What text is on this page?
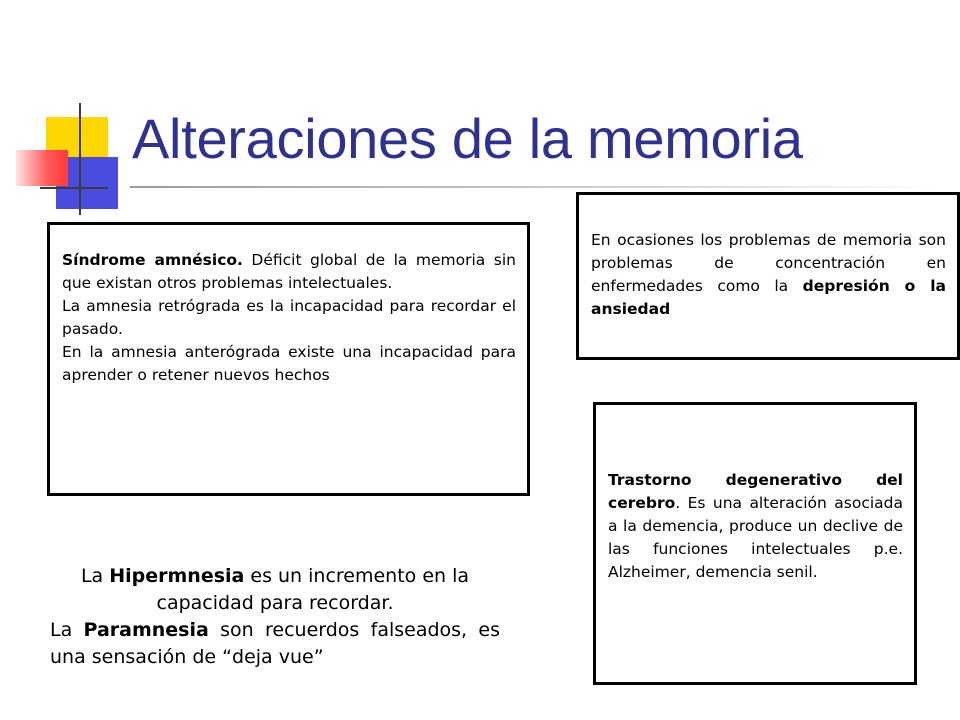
Alteraciones de la memoria

Síndrome amnésico. Déficit global de la memoria sin que existan otros problemas intelectuales.

La amnesia retrógrada es la incapacidad para recordar el pasado.

En la amnesia anterógrada existe una incapacidad para aprender o retener nuevos hechos

En ocasiones los problemas de memoria son problemas de concentración en enfermedades como la depresión o la ansiedad

Trastorno degenerativo del cerebro. Es una alteración asociada a la demencia, produce un declive de las funciones intelectuales p.e. Alzheimer, demencia senil.

La Hipermnesia es un incremento en la capacidad para recordar.

La Paramnesia son recuerdos falseados, es una sensación de “deja vue”
